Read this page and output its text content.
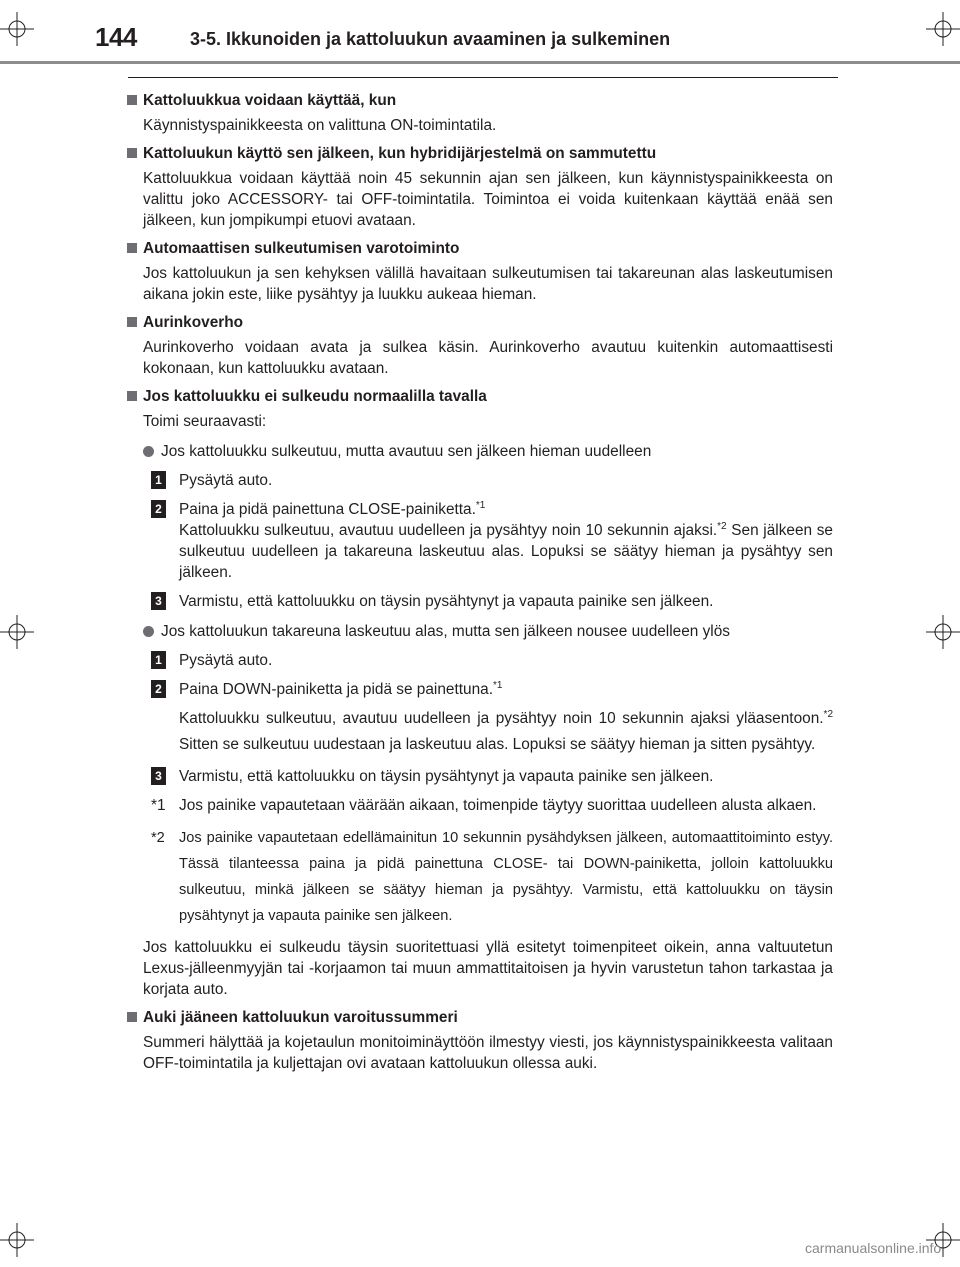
144	3-5. Ikkunoiden ja kattoluukun avaaminen ja sulkeminen

Kattoluukkua voidaan käyttää, kun

Käynnistyspainikkeesta on valittuna ON-toimintatila.

Kattoluukun käyttö sen jälkeen, kun hybridijärjestelmä on sammutettu

Kattoluukkua voidaan käyttää noin 45 sekunnin ajan sen jälkeen, kun käynnistyspainikkeesta on valittu joko ACCESSORY- tai OFF-toimintatila. Toimintoa ei voida kuitenkaan käyttää enää sen jälkeen, kun jompikumpi etuovi avataan.

Automaattisen sulkeutumisen varotoiminto

Jos kattoluukun ja sen kehyksen välillä havaitaan sulkeutumisen tai takareunan alas laskeutumisen aikana jokin este, liike pysähtyy ja luukku aukeaa hieman.

Aurinkoverho

Aurinkoverho voidaan avata ja sulkea käsin. Aurinkoverho avautuu kuitenkin automaattisesti kokonaan, kun kattoluukku avataan.

Jos kattoluukku ei sulkeudu normaalilla tavalla

Toimi seuraavasti:

Jos kattoluukku sulkeutuu, mutta avautuu sen jälkeen hieman uudelleen

1 Pysäytä auto.

2 Paina ja pidä painettuna CLOSE-painiketta.$^{*1}$
Kattoluukku sulkeutuu, avautuu uudelleen ja pysähtyy noin 10 sekunnin ajaksi.$^{*2}$ Sen jälkeen se sulkeutuu uudelleen ja takareuna laskeutuu alas. Lopuksi se säätyy hieman ja pysähtyy sen jälkeen.

3 Varmistu, että kattoluukku on täysin pysähtynyt ja vapauta painike sen jälkeen.

Jos kattoluukun takareuna laskeutuu alas, mutta sen jälkeen nousee uudelleen ylös

1 Pysäytä auto.

2 Paina DOWN-painiketta ja pidä se painettuna.$^{*1}$

Kattoluukku sulkeutuu, avautuu uudelleen ja pysähtyy noin 10 sekunnin ajaksi yläasentoon.$^{*2}$ Sitten se sulkeutuu uudestaan ja laskeutuu alas. Lopuksi se säätyy hieman ja sitten pysähtyy.

3 Varmistu, että kattoluukku on täysin pysähtynyt ja vapauta painike sen jälkeen.

*1 Jos painike vapautetaan väärään aikaan, toimenpide täytyy suorittaa uudelleen alusta alkaen.
*2 Jos painike vapautetaan edellämainitun 10 sekunnin pysähdyksen jälkeen, automaattitoiminto estyy. Tässä tilanteessa paina ja pidä painettuna CLOSE- tai DOWN-painiketta, jolloin kattoluukku sulkeutuu, minkä jälkeen se säätyy hieman ja pysähtyy. Varmistu, että kattoluukku on täysin pysähtynyt ja vapauta painike sen jälkeen.

Jos kattoluukku ei sulkeudu täysin suoritettuasi yllä esitetyt toimenpiteet oikein, anna valtuutetun Lexus-jälleenmyyjän tai -korjaamon tai muun ammattitaitoisen ja hyvin varustetun tahon tarkastaa ja korjata auto.

Auki jääneen kattoluukun varoitussummeri

Summeri hälyttää ja kojetaulun monitoiminäyttöön ilmestyy viesti, jos käynnistyspainikkeesta valitaan OFF-toimintatila ja kuljettajan ovi avataan kattoluukun ollessa auki.

carmanualsonline.info
